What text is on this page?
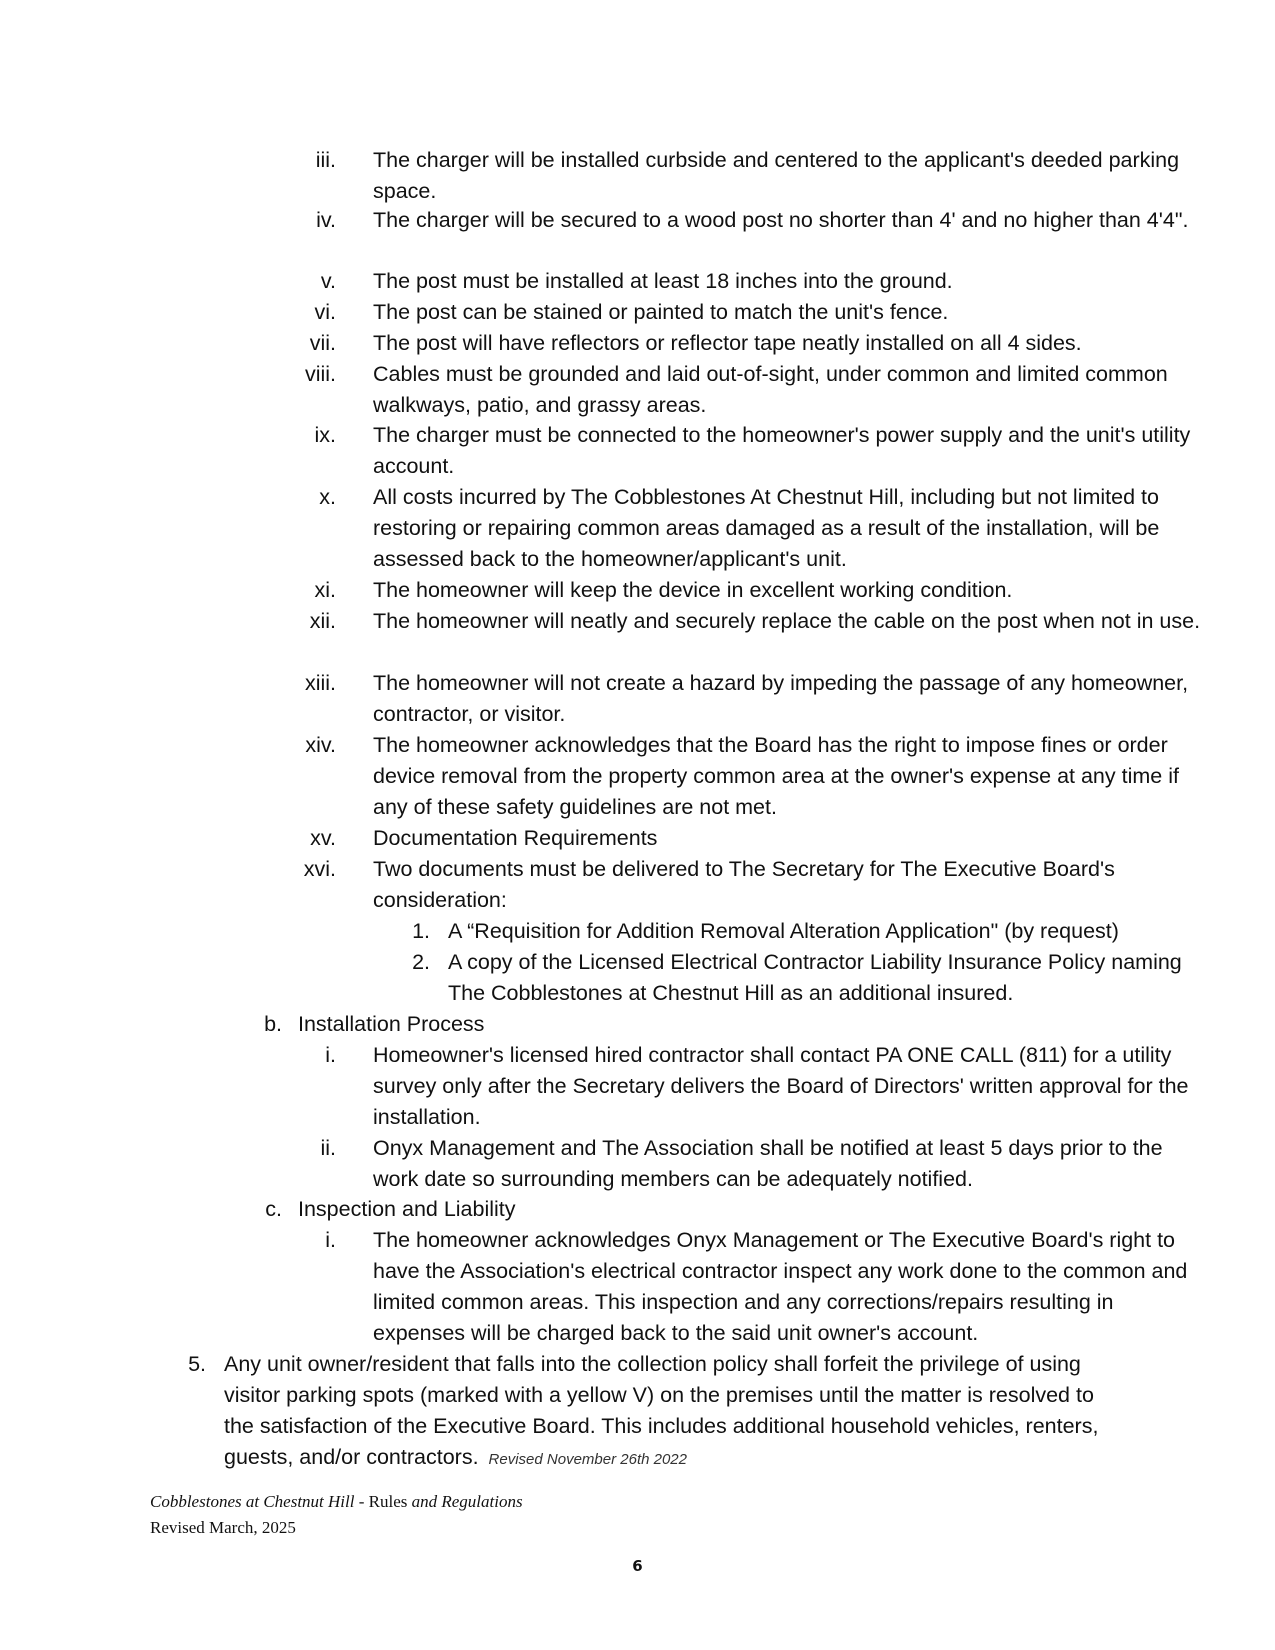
iii. The charger will be installed curbside and centered to the applicant's deeded parking space.
iv. The charger will be secured to a wood post no shorter than 4' and no higher than 4'4".
v. The post must be installed at least 18 inches into the ground.
vi. The post can be stained or painted to match the unit's fence.
vii. The post will have reflectors or reflector tape neatly installed on all 4 sides.
viii. Cables must be grounded and laid out-of-sight, under common and limited common walkways, patio, and grassy areas.
ix. The charger must be connected to the homeowner's power supply and the unit's utility account.
x. All costs incurred by The Cobblestones At Chestnut Hill, including but not limited to restoring or repairing common areas damaged as a result of the installation, will be assessed back to the homeowner/applicant's unit.
xi. The homeowner will keep the device in excellent working condition.
xii. The homeowner will neatly and securely replace the cable on the post when not in use.
xiii. The homeowner will not create a hazard by impeding the passage of any homeowner, contractor, or visitor.
xiv. The homeowner acknowledges that the Board has the right to impose fines or order device removal from the property common area at the owner's expense at any time if any of these safety guidelines are not met.
xv. Documentation Requirements
xvi. Two documents must be delivered to The Secretary for The Executive Board's consideration:
1. A “Requisition for Addition Removal Alteration Application" (by request)
2. A copy of the Licensed Electrical Contractor Liability Insurance Policy naming The Cobblestones at Chestnut Hill as an additional insured.
b. Installation Process
i. Homeowner's licensed hired contractor shall contact PA ONE CALL (811) for a utility survey only after the Secretary delivers the Board of Directors' written approval for the installation.
ii. Onyx Management and The Association shall be notified at least 5 days prior to the work date so surrounding members can be adequately notified.
c. Inspection and Liability
i. The homeowner acknowledges Onyx Management or The Executive Board's right to have the Association's electrical contractor inspect any work done to the common and limited common areas. This inspection and any corrections/repairs resulting in expenses will be charged back to the said unit owner's account.
5. Any unit owner/resident that falls into the collection policy shall forfeit the privilege of using visitor parking spots (marked with a yellow V) on the premises until the matter is resolved to the satisfaction of the Executive Board. This includes additional household vehicles, renters, guests, and/or contractors. Revised November 26th 2022
Cobblestones at Chestnut Hill - Rules and Regulations
Revised March, 2025
6
